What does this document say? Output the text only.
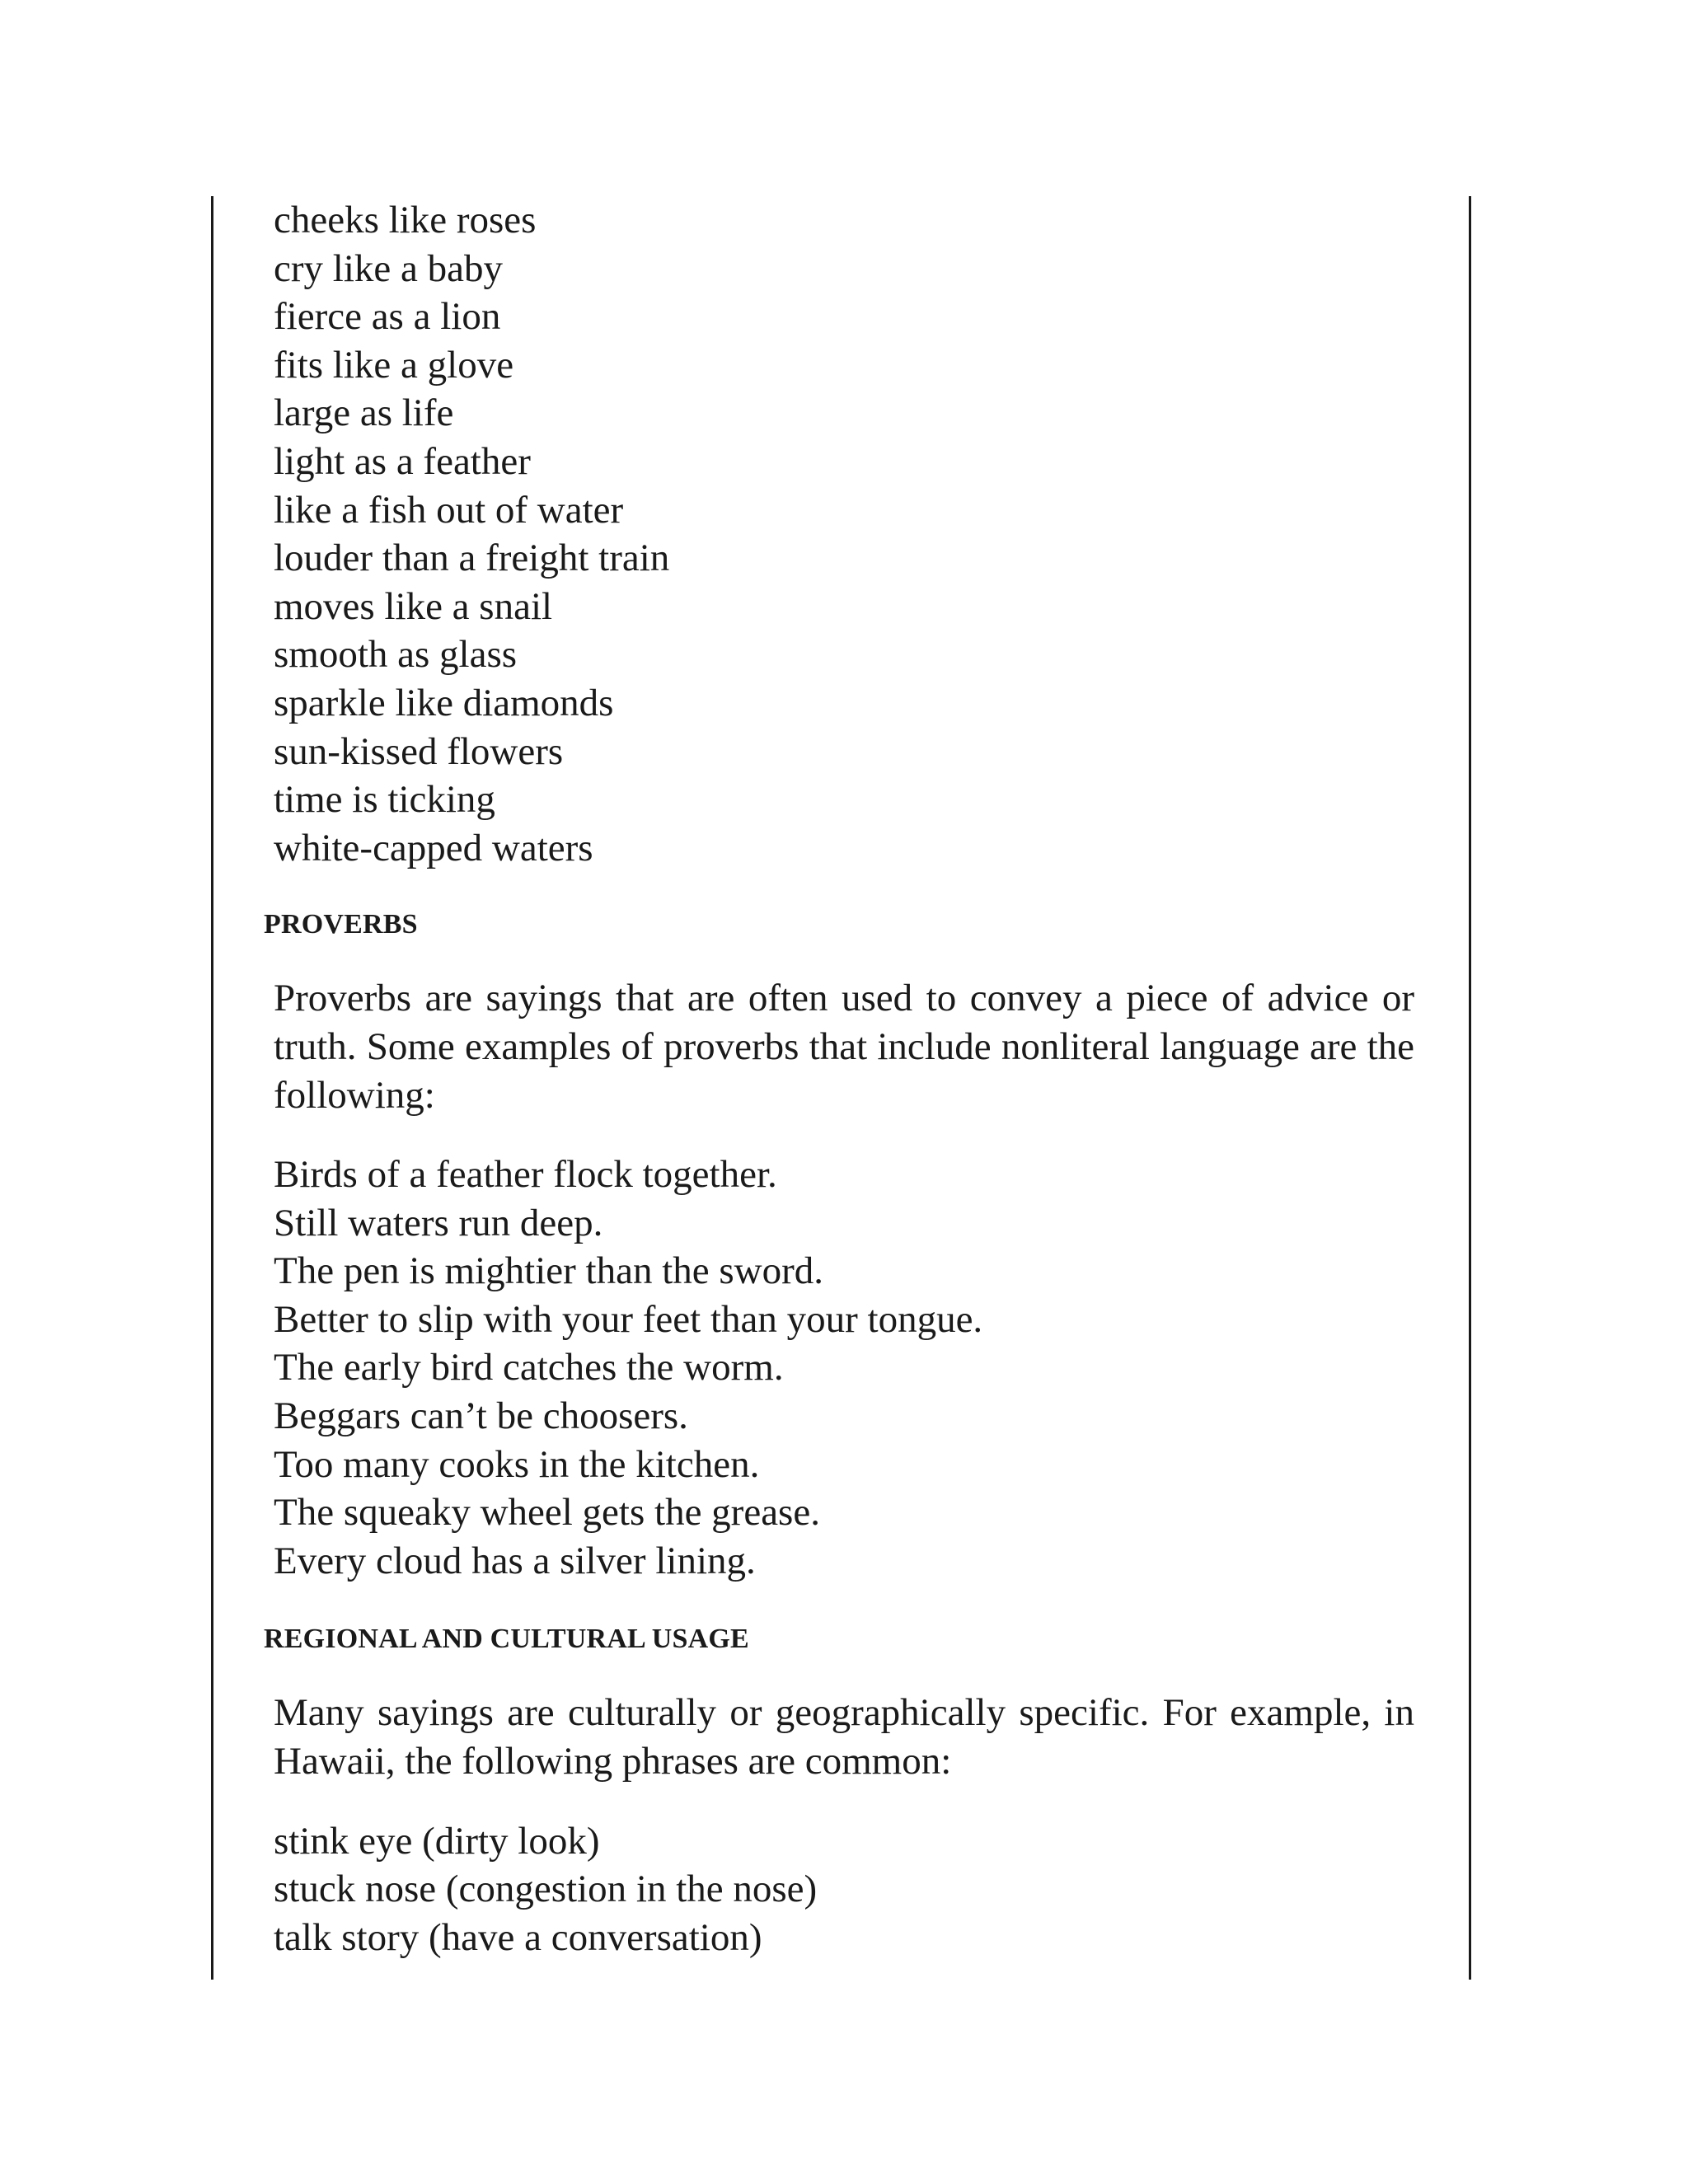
cheeks like roses
cry like a baby
fierce as a lion
fits like a glove
large as life
light as a feather
like a fish out of water
louder than a freight train
moves like a snail
smooth as glass
sparkle like diamonds
sun-kissed flowers
time is ticking
white-capped waters
PROVERBS

Proverbs are sayings that are often used to convey a piece of advice or truth. Some examples of proverbs that include nonliteral language are the following:

Birds of a feather flock together.
Still waters run deep.
The pen is mightier than the sword.
Better to slip with your feet than your tongue.
The early bird catches the worm.
Beggars can’t be choosers.
Too many cooks in the kitchen.
The squeaky wheel gets the grease.
Every cloud has a silver lining.
REGIONAL AND CULTURAL USAGE

Many sayings are culturally or geographically specific. For example, in Hawaii, the following phrases are common:

stink eye (dirty look)
stuck nose (congestion in the nose)
talk story (have a conversation)
